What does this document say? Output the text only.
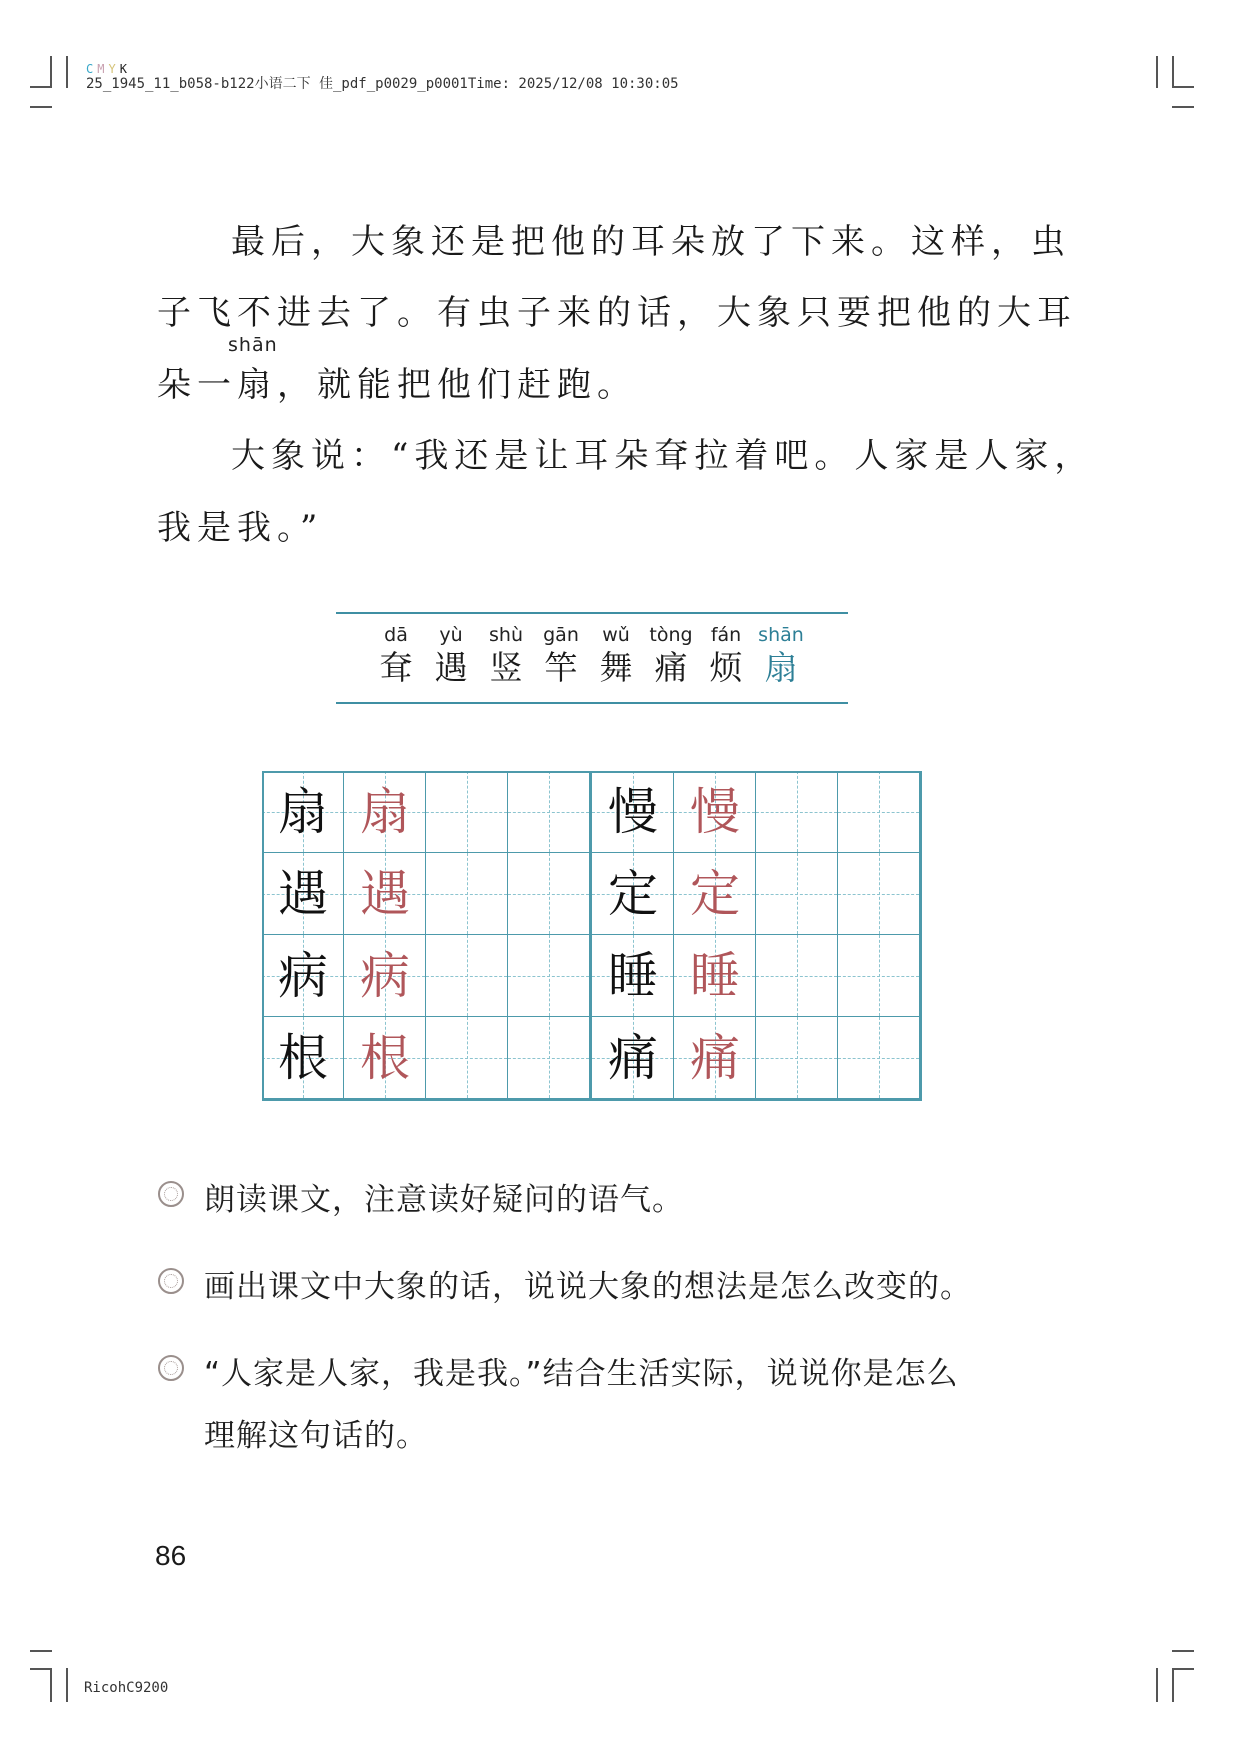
CMYK
25_1945_11_b058-b122小语二下 佳_pdf_p0029_p0001Time: 2025/12/08 10:30:05
最后，大象还是把他的耳朵放了下来。这样，虫
子飞不进去了。有虫子来的话，大象只要把他的大耳
shān
朵一扇，就能把他们赶跑。
大象说：“我还是让耳朵耷拉着吧。人家是人家，
我是我。”
dā
耷
yù
遇
shù
竖
gān
竿
wǔ
舞
tòng
痛
fán
烦
shān
扇
扇 扇
遇 遇
病 病
根 根
慢 慢
定 定
睡 睡
痛 痛
朗读课文，注意读好疑问的语气。
画出课文中大象的话，说说大象的想法是怎么改变的。
“人家是人家，我是我。”结合生活实际，说说你是怎么
理解这句话的。
86
RicohC9200
